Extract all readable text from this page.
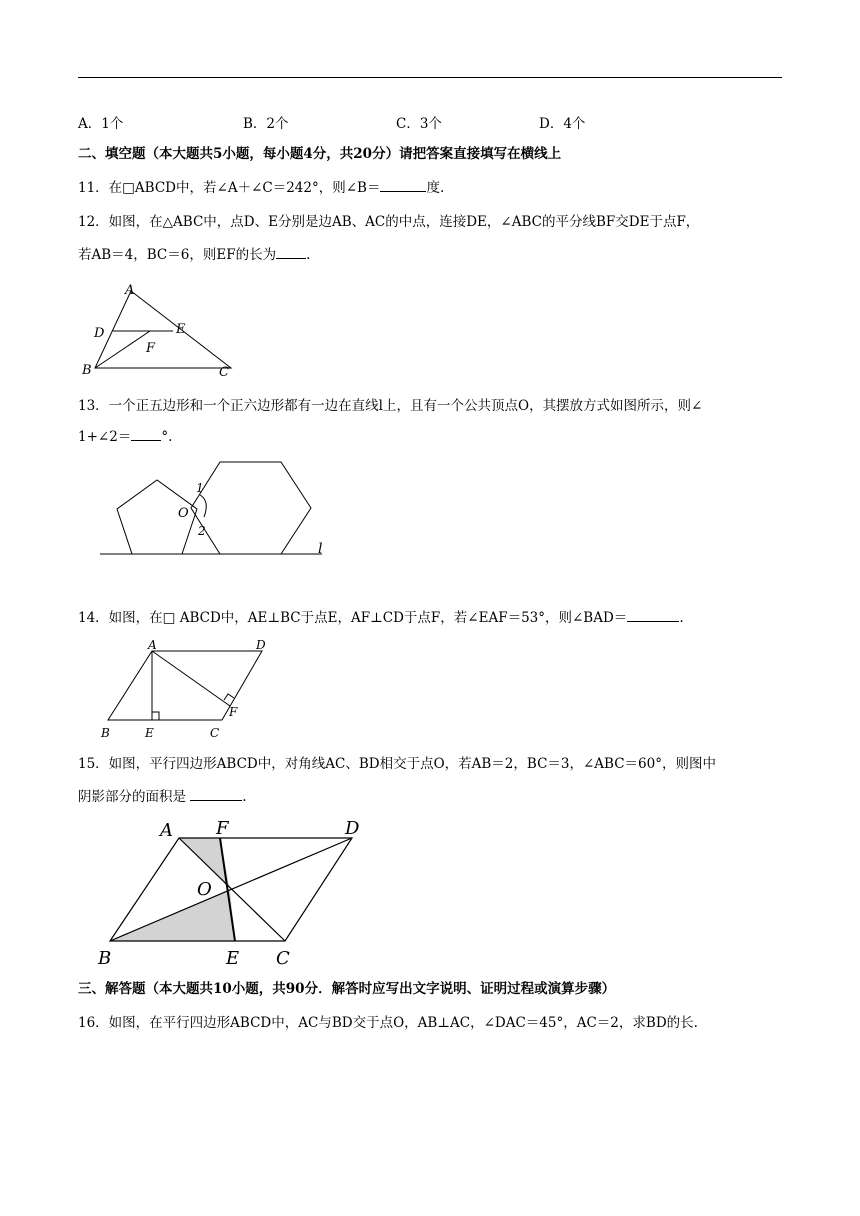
A．1个	B．2个	C．3个	D．4个
二、填空题（本大题共5小题，每小题4分，共20分）请把答案直接填写在横线上
11．在□ABCD中，若∠A＋∠C＝242°，则∠B＝	度.
12．如图，在△ABC中，点D、E分别是边AB、AC的中点，连接DE，∠ABC的平分线BF交DE于点F，
若AB＝4，BC＝6，则EF的长为 .
A
D	E
F
B	C
13．一个正五边形和一个正六边形都有一边在直线l上，且有一个公共顶点O，其摆放方式如图所示，则∠
1+∠2＝ °.
1
O
2
l
14．如图，在□ ABCD中，AE⊥BC于点E，AF⊥CD于点F，若∠EAF＝53°，则∠BAD＝	.
A	D
B	E	C
F
15．如图，平行四边形ABCD中，对角线AC、BD相交于点O，若AB＝2，BC＝3，∠ABC＝60°，则图中
阴影部分的面积是	.
A F	D
O
B	E C
三、解答题（本大题共10小题，共90分．解答时应写出文字说明、证明过程或演算步骤）
16．如图，在平行四边形ABCD中，AC与BD交于点O，AB⊥AC，∠DAC＝45°，AC＝2，求BD的长.
